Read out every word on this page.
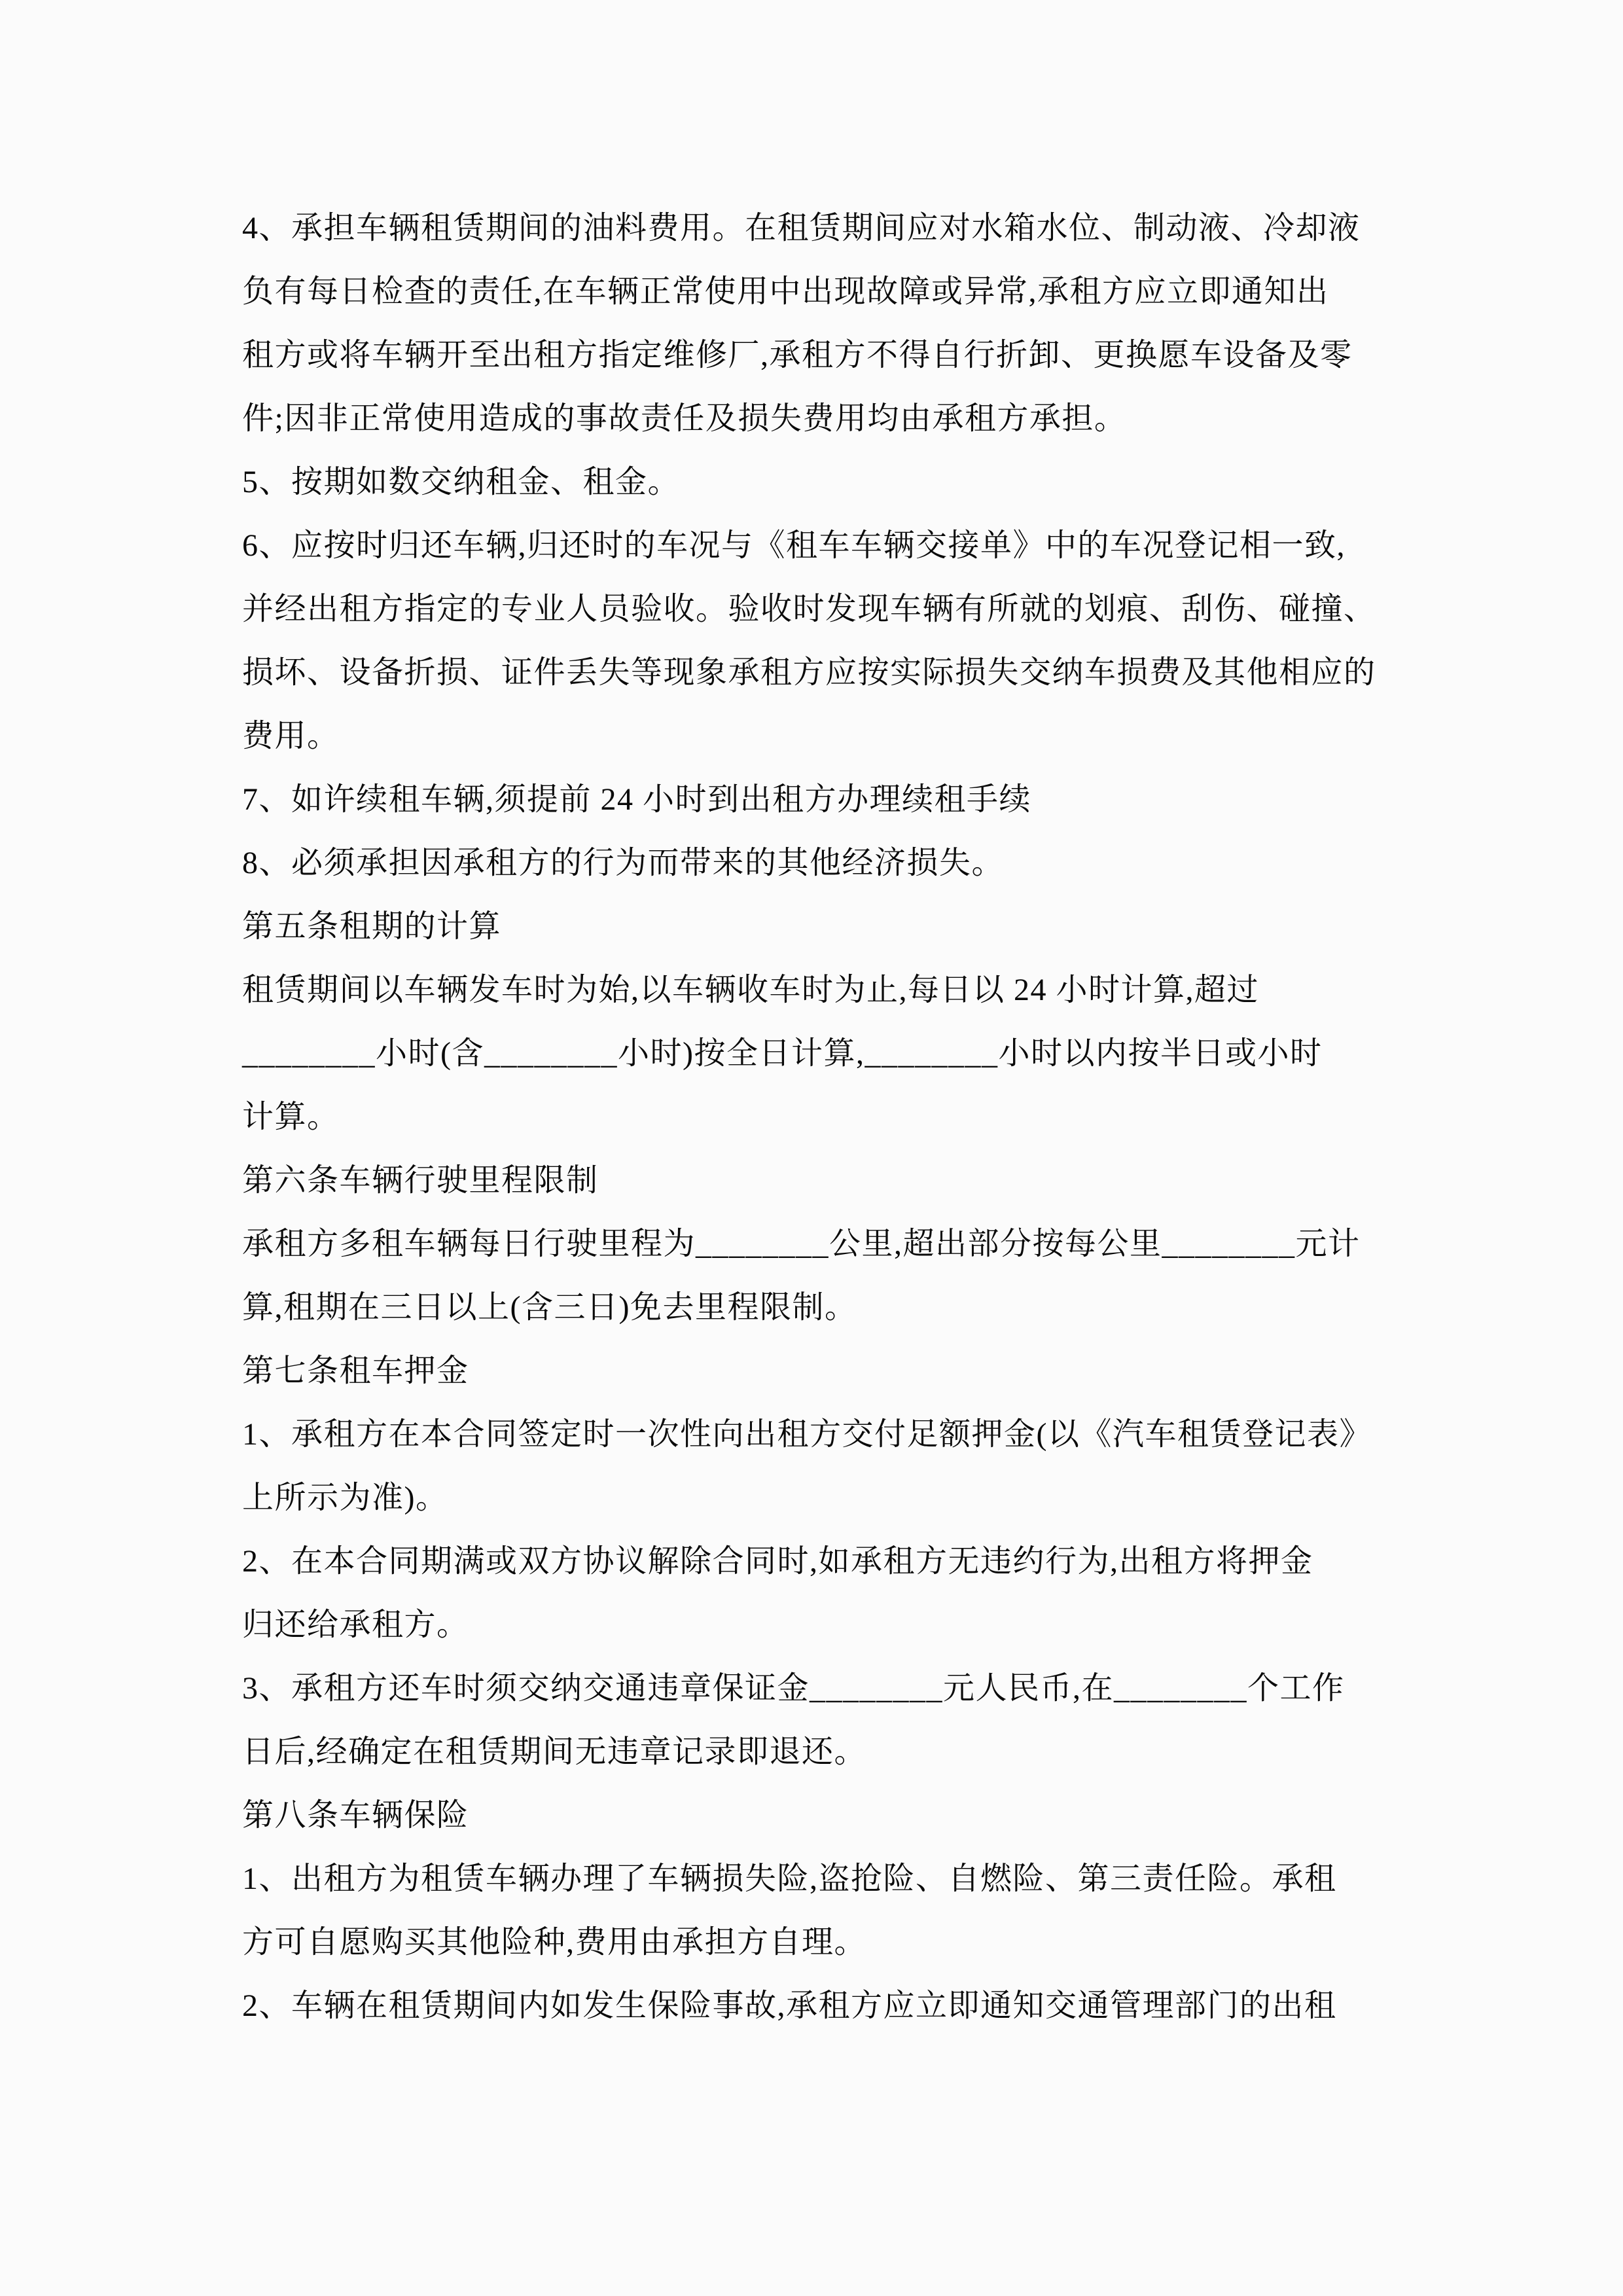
4、承担车辆租赁期间的油料费用。在租赁期间应对水箱水位、制动液、冷却液
负有每日检查的责任,在车辆正常使用中出现故障或异常,承租方应立即通知出
租方或将车辆开至出租方指定维修厂,承租方不得自行折卸、更换愿车设备及零
件;因非正常使用造成的事故责任及损失费用均由承租方承担。
5、按期如数交纳租金、租金。
6、应按时归还车辆,归还时的车况与《租车车辆交接单》中的车况登记相一致,
并经出租方指定的专业人员验收。验收时发现车辆有所就的划痕、刮伤、碰撞、
损坏、设备折损、证件丢失等现象承租方应按实际损失交纳车损费及其他相应的
费用。
7、如许续租车辆,须提前 24 小时到出租方办理续租手续
8、必须承担因承租方的行为而带来的其他经济损失。
第五条租期的计算
租赁期间以车辆发车时为始,以车辆收车时为止,每日以 24 小时计算,超过
________小时(含________小时)按全日计算,________小时以内按半日或小时
计算。
第六条车辆行驶里程限制
承租方多租车辆每日行驶里程为________公里,超出部分按每公里________元计
算,租期在三日以上(含三日)免去里程限制。
第七条租车押金
1、承租方在本合同签定时一次性向出租方交付足额押金(以《汽车租赁登记表》
上所示为准)。
2、在本合同期满或双方协议解除合同时,如承租方无违约行为,出租方将押金
归还给承租方。
3、承租方还车时须交纳交通违章保证金________元人民币,在________个工作
日后,经确定在租赁期间无违章记录即退还。
第八条车辆保险
1、出租方为租赁车辆办理了车辆损失险,盗抢险、自燃险、第三责任险。承租
方可自愿购买其他险种,费用由承担方自理。
2、车辆在租赁期间内如发生保险事故,承租方应立即通知交通管理部门的出租
